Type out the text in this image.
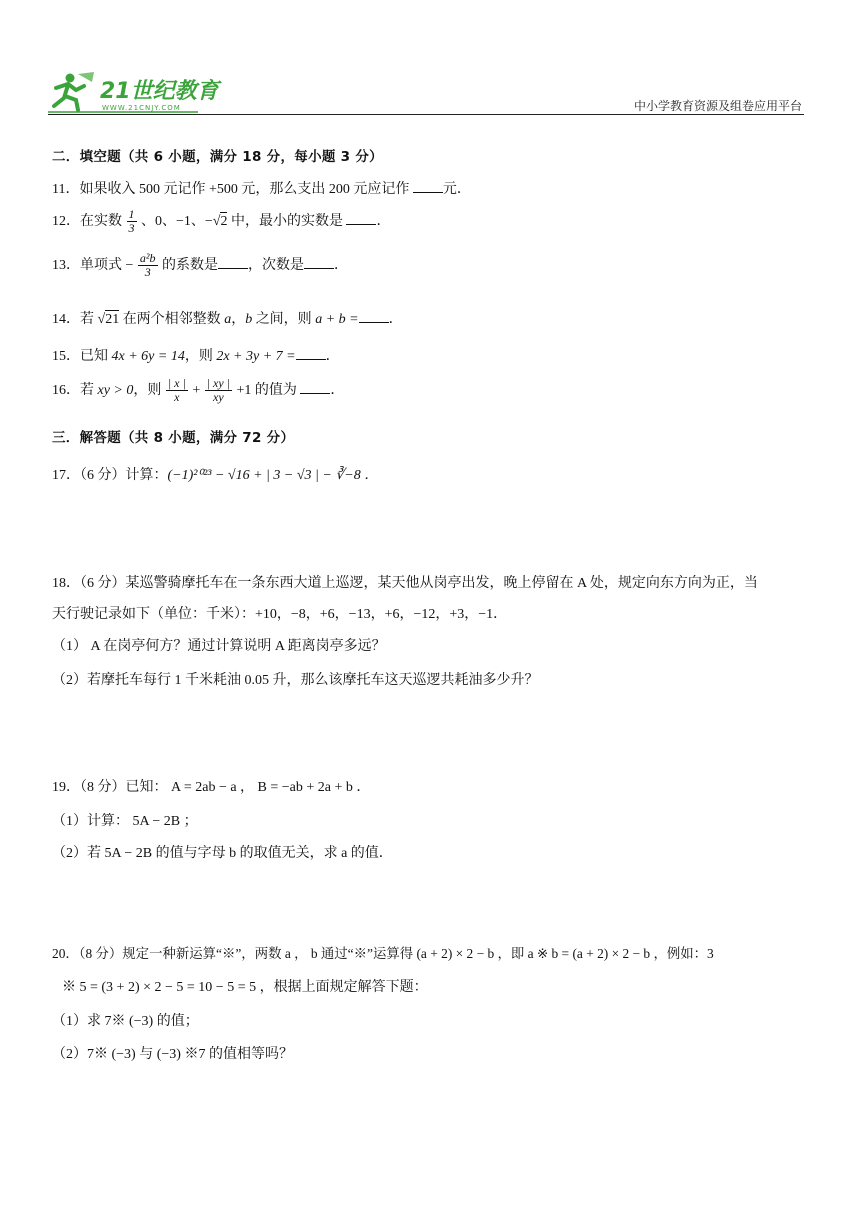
21世纪教育
WWW.21CNJY.COM	中小学教育资源及组卷应用平台
二．填空题（共 6 小题，满分 18 分，每小题 3 分）
11．如果收入 500 元记作 +500 元，那么支出 200 元应记作 元．
12．在实数 $\frac{1}{3}$ 、0、−1、−√2 中，最小的实数是 ．
13．单项式 − $\frac{\text{a²b}}{3}$ 的系数是 ，次数是 ．
14．若 √21 在两个相邻整数 a，b 之间，则 a + b = ．
15．已知 4x + 6y = 14，则 2x + 3y + 7 = ．
16．若 xy > 0，则 $\frac{| x |}{x} + \frac{| xy |}{xy} +1$ 的值为 ．
三．解答题（共 8 小题，满分 72 分）
17．（6 分）计算：(−1)²⁰²³ − √16 + | 3 − √3 | − ∛−8 ．
18．（6 分）某巡警骑摩托车在一条东西大道上巡逻，某天他从岗亭出发，晚上停留在 A 处，规定向东方向为正，当
天行驶记录如下（单位：千米）：+10，−8，+6，−13，+6，−12，+3，−1．
（1） A 在岗亭何方？通过计算说明 A 距离岗亭多远？
（2）若摩托车每行 1 千米耗油 0.05 升，那么该摩托车这天巡逻共耗油多少升？
19．（8 分）已知： A = 2ab − a ， B = −ab + 2a + b ．
（1）计算： 5A − 2B ；
（2）若 5A − 2B 的值与字母 b 的取值无关，求 a 的值．
20．（8 分）规定一种新运算“※”，两数 a ， b 通过“※”运算得 (a + 2) × 2 − b ，即 a ※ b = (a + 2) × 2 − b ，例如：3
※ 5 = (3 + 2) × 2 − 5 = 10 − 5 = 5 ，根据上面规定解答下题：
（1）求 7※ (−3) 的值；
（2）7※ (−3) 与 (−3) ※7 的值相等吗？
